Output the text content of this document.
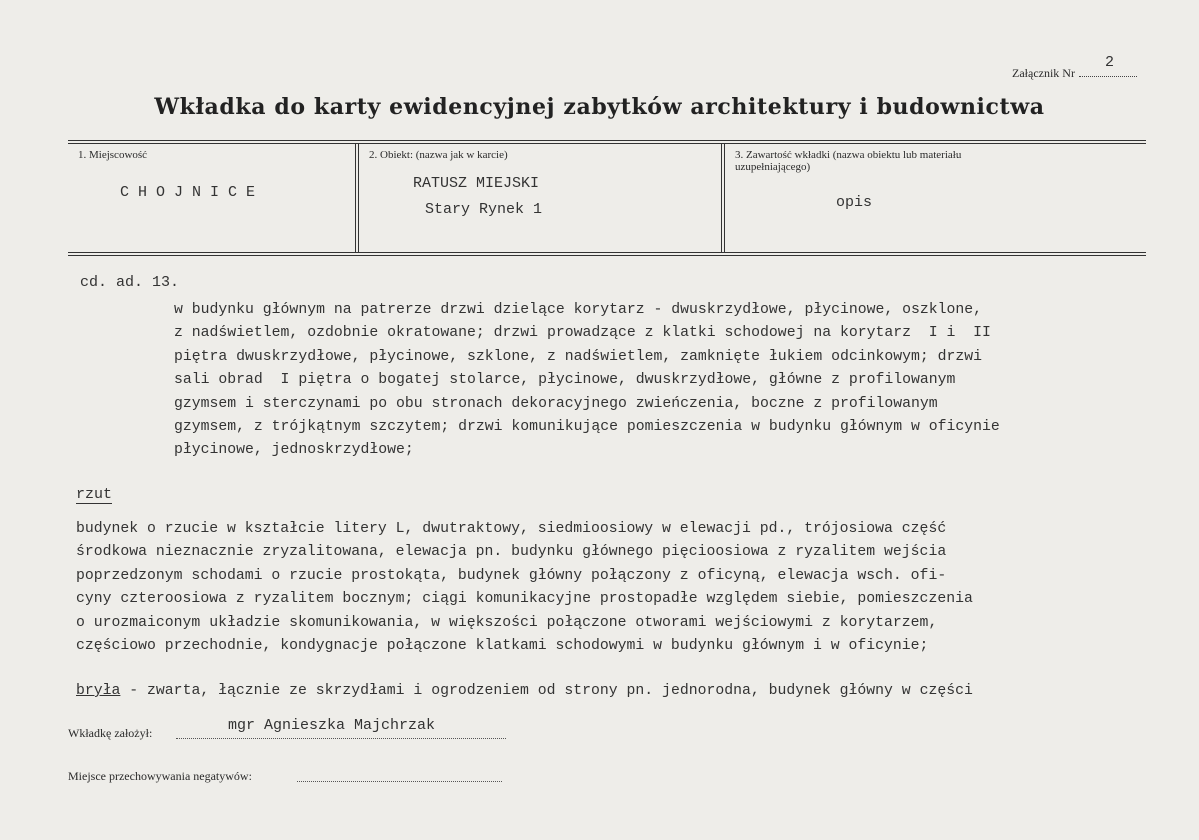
Załącznik Nr
2
Wkładka do karty ewidencyjnej zabytków architektury i budownictwa
1. Miejscowość
CHOJNICE
2. Obiekt: (nazwa jak w karcie)
RATUSZ MIEJSKI
Stary Rynek 1
3. Zawartość wkładki (nazwa obiektu lub materiału uzupełniającego)
opis
cd. ad. 13.
w budynku głównym na patrerze drzwi dzielące korytarz - dwuskrzydłowe, płycinowe, oszklone,
z nadświetlem, ozdobnie okratowane; drzwi prowadzące z klatki schodowej na korytarz  I i  II
piętra dwuskrzydłowe, płycinowe, szklone, z nadświetlem, zamknięte łukiem odcinkowym; drzwi
sali obrad  I piętra o bogatej stolarce, płycinowe, dwuskrzydłowe, główne z profilowanym
gzymsem i sterczynami po obu stronach dekoracyjnego zwieńczenia, boczne z profilowanym
gzymsem, z trójkątnym szczytem; drzwi komunikujące pomieszczenia w budynku głównym w oficynie
płycinowe, jednoskrzydłowe;
rzut
budynek o rzucie w kształcie litery L, dwutraktowy, siedmioosiowy w elewacji pd., trójosiowa część
środkowa nieznacznie zryzalitowana, elewacja pn. budynku głównego pięcioosiowa z ryzalitem wejścia
poprzedzonym schodami o rzucie prostokąta, budynek główny połączony z oficyną, elewacja wsch. ofi-
cyny czteroosiowa z ryzalitem bocznym; ciągi komunikacyjne prostopadłe względem siebie, pomieszczenia
o urozmaiconym układzie skomunikowania, w większości połączone otworami wejściowymi z korytarzem,
częściowo przechodnie, kondygnacje połączone klatkami schodowymi w budynku głównym i w oficynie;
bryła - zwarta, łącznie ze skrzydłami i ogrodzeniem od strony pn. jednorodna, budynek główny w części
Wkładkę założył:	mgr Agnieszka Majchrzak
Miejsce przechowywania negatywów:
